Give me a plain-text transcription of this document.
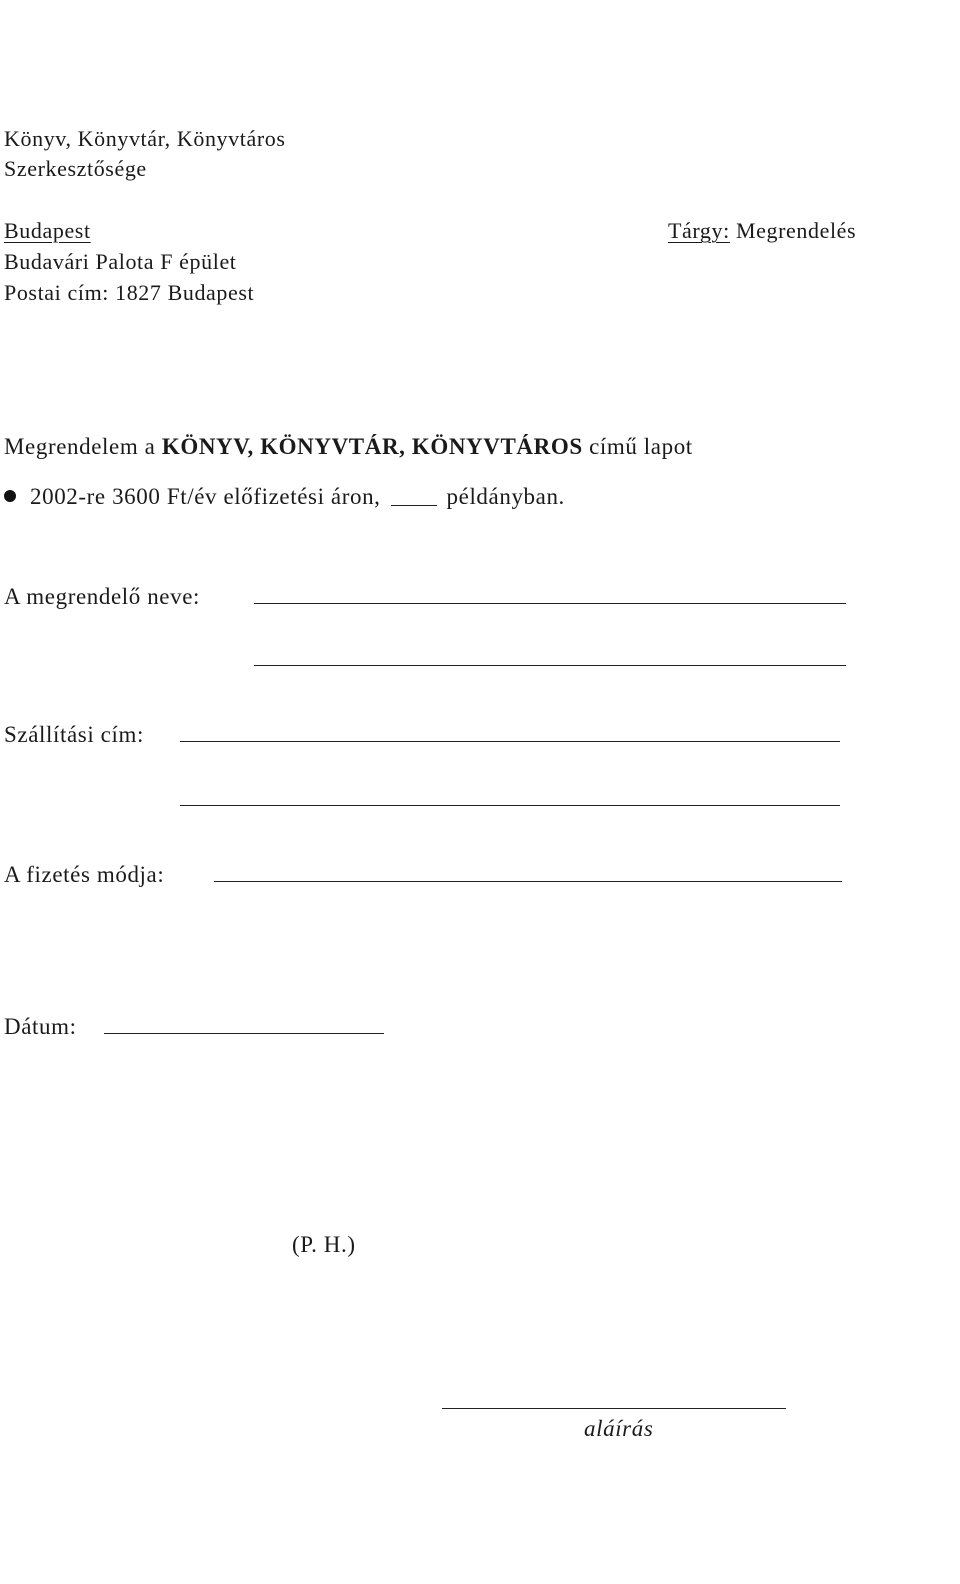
Könyv, Könyvtár, Könyvtáros
Szerkesztősége
Budapest
Budavári Palota F épület
Postai cím: 1827 Budapest
Tárgy: Megrendelés
Megrendelem a KÖNYV, KÖNYVTÁR, KÖNYVTÁROS című lapot
2002-re 3600 Ft/év előfizetési áron,	példányban.
A megrendelő neve:
Szállítási cím:
A fizetés módja:
Dátum:
(P. H.)
aláírás
